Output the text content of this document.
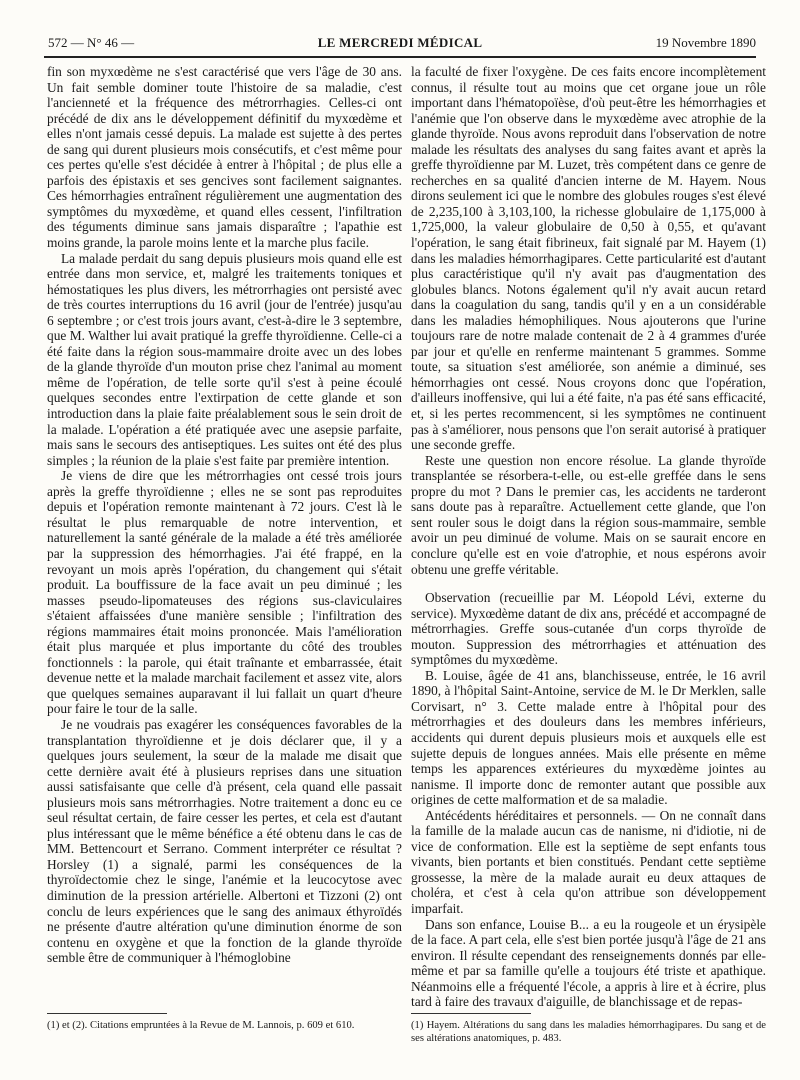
572 — N° 46 —	LE MERCREDI MÉDICAL	19 Novembre 1890

fin son myxœdème ne s'est caractérisé que vers l'âge de 30 ans. Un fait semble dominer toute l'histoire de sa maladie, c'est l'ancienneté et la fréquence des métrorrhagies. Celles-ci ont précédé de dix ans le développement définitif du myxœdème et elles n'ont jamais cessé depuis. La malade est sujette à des pertes de sang qui durent plusieurs mois consécutifs, et c'est même pour ces pertes qu'elle s'est décidée à entrer à l'hôpital ; de plus elle a parfois des épistaxis et ses gencives sont facilement saignantes. Ces hémorrhagies entraînent régulièrement une augmentation des symptômes du myxœdème, et quand elles cessent, l'infiltration des téguments diminue sans jamais disparaître ; l'apathie est moins grande, la parole moins lente et la marche plus facile.

La malade perdait du sang depuis plusieurs mois quand elle est entrée dans mon service, et, malgré les traitements toniques et hémostatiques les plus divers, les métrorrhagies ont persisté avec de très courtes interruptions du 16 avril (jour de l'entrée) jusqu'au 6 septembre ; or c'est trois jours avant, c'est-à-dire le 3 septembre, que M. Walther lui avait pratiqué la greffe thyroïdienne. Celle-ci a été faite dans la région sous-mammaire droite avec un des lobes de la glande thyroïde d'un mouton prise chez l'animal au moment même de l'opération, de telle sorte qu'il s'est à peine écoulé quelques secondes entre l'extirpation de cette glande et son introduction dans la plaie faite préalablement sous le sein droit de la malade. L'opération a été pratiquée avec une asepsie parfaite, mais sans le secours des antiseptiques. Les suites ont été des plus simples ; la réunion de la plaie s'est faite par première intention.

Je viens de dire que les métrorrhagies ont cessé trois jours après la greffe thyroïdienne ; elles ne se sont pas reproduites depuis et l'opération remonte maintenant à 72 jours. C'est là le résultat le plus remarquable de notre intervention, et naturellement la santé générale de la malade a été très améliorée par la suppression des hémorrhagies. J'ai été frappé, en la revoyant un mois après l'opération, du changement qui s'était produit. La bouffissure de la face avait un peu diminué ; les masses pseudo-lipomateuses des régions sus-claviculaires s'étaient affaissées d'une manière sensible ; l'infiltration des régions mammaires était moins prononcée. Mais l'amélioration était plus marquée et plus importante du côté des troubles fonctionnels : la parole, qui était traînante et embarrassée, était devenue nette et la malade marchait facilement et assez vite, alors que quelques semaines auparavant il lui fallait un quart d'heure pour faire le tour de la salle.

Je ne voudrais pas exagérer les conséquences favorables de la transplantation thyroïdienne et je dois déclarer que, il y a quelques jours seulement, la sœur de la malade me disait que cette dernière avait été à plusieurs reprises dans une situation aussi satisfaisante que celle d'à présent, cela quand elle passait plusieurs mois sans métrorrhagies. Notre traitement a donc eu ce seul résultat certain, de faire cesser les pertes, et cela est d'autant plus intéressant que le même bénéfice a été obtenu dans le cas de MM. Bettencourt et Serrano. Comment interpréter ce résultat ? Horsley (1) a signalé, parmi les conséquences de la thyroïdectomie chez le singe, l'anémie et la leucocytose avec diminution de la pression artérielle. Albertoni et Tizzoni (2) ont conclu de leurs expériences que le sang des animaux éthyroïdés ne présente d'autre altération qu'une diminution énorme de son contenu en oxygène et que la fonction de la glande thyroïde semble être de communiquer à l'hémoglobine

(1) et (2). Citations empruntées à la Revue de M. Lannois, p. 609 et 610.

la faculté de fixer l'oxygène. De ces faits encore incomplètement connus, il résulte tout au moins que cet organe joue un rôle important dans l'hématopoïèse, d'où peut-être les hémorrhagies et l'anémie que l'on observe dans le myxœdème avec atrophie de la glande thyroïde. Nous avons reproduit dans l'observation de notre malade les résultats des analyses du sang faites avant et après la greffe thyroïdienne par M. Luzet, très compétent dans ce genre de recherches en sa qualité d'ancien interne de M. Hayem. Nous dirons seulement ici que le nombre des globules rouges s'est élevé de 2,235,100 à 3,103,100, la richesse globulaire de 1,175,000 à 1,725,000, la valeur globulaire de 0,50 à 0,55, et qu'avant l'opération, le sang était fibrineux, fait signalé par M. Hayem (1) dans les maladies hémorrhagipares. Cette particularité est d'autant plus caractéristique qu'il n'y avait pas d'augmentation des globules blancs. Notons également qu'il n'y avait aucun retard dans la coagulation du sang, tandis qu'il y en a un considérable dans les maladies hémophiliques. Nous ajouterons que l'urine toujours rare de notre malade contenait de 2 à 4 grammes d'urée par jour et qu'elle en renferme maintenant 5 grammes. Somme toute, sa situation s'est améliorée, son anémie a diminué, ses hémorrhagies ont cessé. Nous croyons donc que l'opération, d'ailleurs inoffensive, qui lui a été faite, n'a pas été sans efficacité, et, si les pertes recommencent, si les symptômes ne continuent pas à s'améliorer, nous pensons que l'on serait autorisé à pratiquer une seconde greffe.

Reste une question non encore résolue. La glande thyroïde transplantée se résorbera-t-elle, ou est-elle greffée dans le sens propre du mot ? Dans le premier cas, les accidents ne tarderont sans doute pas à reparaître. Actuellement cette glande, que l'on sent rouler sous le doigt dans la région sous-mammaire, semble avoir un peu diminué de volume. Mais on se saurait encore en conclure qu'elle est en voie d'atrophie, et nous espérons avoir obtenu une greffe véritable.

Observation (recueillie par M. Léopold Lévi, externe du service). Myxœdème datant de dix ans, précédé et accompagné de métrorrhagies. Greffe sous-cutanée d'un corps thyroïde de mouton. Suppression des métrorrhagies et atténuation des symptômes du myxœdème.

B. Louise, âgée de 41 ans, blanchisseuse, entrée, le 16 avril 1890, à l'hôpital Saint-Antoine, service de M. le Dr Merklen, salle Corvisart, n° 3. Cette malade entre à l'hôpital pour des métrorrhagies et des douleurs dans les membres inférieurs, accidents qui durent depuis plusieurs mois et auxquels elle est sujette depuis de longues années. Mais elle présente en même temps les apparences extérieures du myxœdème jointes au nanisme. Il importe donc de remonter autant que possible aux origines de cette malformation et de sa maladie.

Antécédents héréditaires et personnels. — On ne connaît dans la famille de la malade aucun cas de nanisme, ni d'idiotie, ni de vice de conformation. Elle est la septième de sept enfants tous vivants, bien portants et bien constitués. Pendant cette septième grossesse, la mère de la malade aurait eu deux attaques de choléra, et c'est à cela qu'on attribue son développement imparfait.

Dans son enfance, Louise B... a eu la rougeole et un érysipèle de la face. A part cela, elle s'est bien portée jusqu'à l'âge de 21 ans environ. Il résulte cependant des renseignements donnés par elle-même et par sa famille qu'elle a toujours été triste et apathique. Néanmoins elle a fréquenté l'école, a appris à lire et à écrire, plus tard à faire des travaux d'aiguille, de blanchissage et de repas-

(1) Hayem. Altérations du sang dans les maladies hémorrhagipares. Du sang et de ses altérations anatomiques, p. 483.
